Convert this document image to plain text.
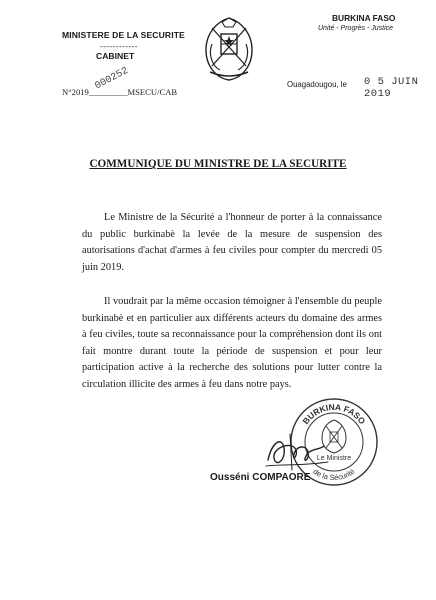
MINISTERE DE LA SECURITE
------------
CABINET
BURKINA FASO
Unité - Progrès - Justice
N°2019_________MSECU/CAB
000252	Ouagadougou, le 0 5 JUIN 2019
COMMUNIQUE DU MINISTRE DE LA SECURITE
Le Ministre de la Sécurité a l'honneur de porter à la connaissance du public burkinabè la levée de la mesure de suspension des autorisations d'achat d'armes à feu civiles pour compter du mercredi 05 juin 2019.
Il voudrait par la même occasion témoigner à l'ensemble du peuple burkinabè et en particulier aux différents acteurs du domaine des armes à feu civiles, toute sa reconnaissance pour la compréhension dont ils ont fait montre durant toute la période de suspension et pour leur participation active à la recherche des solutions pour lutter contre la circulation illicite des armes à feu dans notre pays.
BURKINA FASO
de la Sécurité
Le Ministre
Ousséni COMPAORE
